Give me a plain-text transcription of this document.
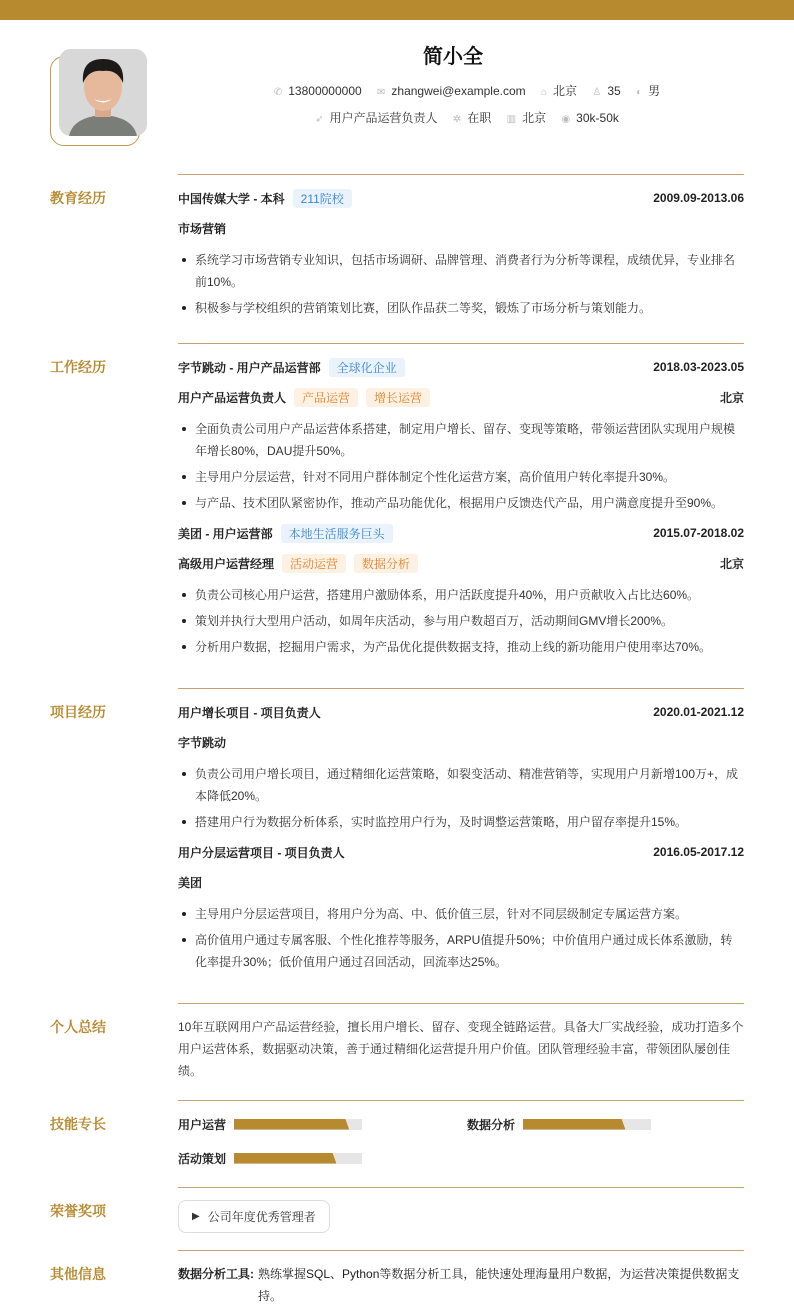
简小全
✆ 13800000000 ✉ zhangwei@example.com ⌂ 北京 ♙ 35 ◐ 男
➶ 用户产品运营负责人 ✲ 在职 ▥ 北京 ◉ 30k-50k
教育经历	中国传媒大学 - 本科	211院校	2009.09-2013.06
市场营销
系统学习市场营销专业知识，包括市场调研、品牌管理、消费者行为分析等课程，成绩优异，专业排名前10%。
积极参与学校组织的营销策划比赛，团队作品获二等奖，锻炼了市场分析与策划能力。
工作经历	字节跳动 - 用户产品运营部	全球化企业	2018.03-2023.05
用户产品运营负责人	产品运营	增长运营	北京
全面负责公司用户产品运营体系搭建，制定用户增长、留存、变现等策略，带领运营团队实现用户规模年增长80%，DAU提升50%。
主导用户分层运营，针对不同用户群体制定个性化运营方案，高价值用户转化率提升30%。
与产品、技术团队紧密协作，推动产品功能优化，根据用户反馈迭代产品，用户满意度提升至90%。
美团 - 用户运营部	本地生活服务巨头	2015.07-2018.02
高级用户运营经理	活动运营	数据分析	北京
负责公司核心用户运营，搭建用户激励体系，用户活跃度提升40%，用户贡献收入占比达60%。
策划并执行大型用户活动，如周年庆活动，参与用户数超百万，活动期间GMV增长200%。
分析用户数据，挖掘用户需求，为产品优化提供数据支持，推动上线的新功能用户使用率达70%。
项目经历	用户增长项目 - 项目负责人	2020.01-2021.12
字节跳动
负责公司用户增长项目，通过精细化运营策略，如裂变活动、精准营销等，实现用户月新增100万+，成本降低20%。
搭建用户行为数据分析体系，实时监控用户行为，及时调整运营策略，用户留存率提升15%。
用户分层运营项目 - 项目负责人	2016.05-2017.12
美团
主导用户分层运营项目，将用户分为高、中、低价值三层，针对不同层级制定专属运营方案。
高价值用户通过专属客服、个性化推荐等服务，ARPU值提升50%；中价值用户通过成长体系激励，转化率提升30%；低价值用户通过召回活动，回流率达25%。
个人总结	10年互联网用户产品运营经验，擅长用户增长、留存、变现全链路运营。具备大厂实战经验，成功打造多个用户运营体系，数据驱动决策，善于通过精细化运营提升用户价值。团队管理经验丰富，带领团队屡创佳绩。
技能专长	用户运营	数据分析
活动策划
荣誉奖项	▶ 公司年度优秀管理者
其他信息	数据分析工具: 熟练掌握SQL、Python等数据分析工具，能快速处理海量用户数据，为运营决策提供数据支持。
